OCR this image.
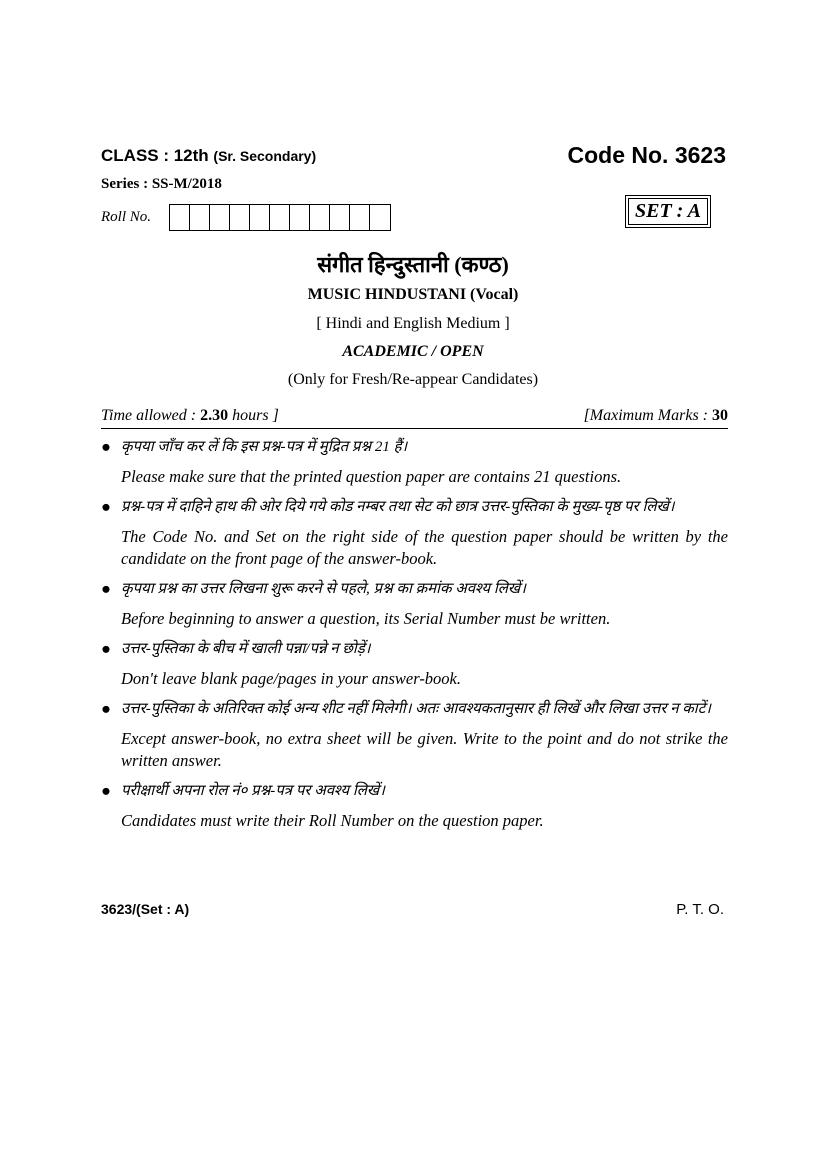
CLASS : 12th (Sr. Secondary)	Code No. 3623
Series : SS-M/2018
Roll No.	SET : A
संगीत हिन्दुस्तानी (कण्ठ)
MUSIC HINDUSTANI (Vocal)
[ Hindi and English Medium ]
ACADEMIC / OPEN
(Only for Fresh/Re-appear Candidates)
Time allowed : 2.30 hours ]	[Maximum Marks : 30
● कृपया जाँच कर लें कि इस प्रश्न-पत्र में मुद्रित प्रश्न 21 हैं।
Please make sure that the printed question paper are contains 21 questions.
● प्रश्न-पत्र में दाहिने हाथ की ओर दिये गये कोड नम्बर तथा सेट को छात्र उत्तर-पुस्तिका के मुख्य-पृष्ठ पर लिखें।
The Code No. and Set on the right side of the question paper should be written by the candidate on the front page of the answer-book.
● कृपया प्रश्न का उत्तर लिखना शुरू करने से पहले, प्रश्न का क्रमांक अवश्य लिखें।
Before beginning to answer a question, its Serial Number must be written.
● उत्तर-पुस्तिका के बीच में खाली पन्ना/पन्ने न छोड़ें।
Don't leave blank page/pages in your answer-book.
● उत्तर-पुस्तिका के अतिरिक्त कोई अन्य शीट नहीं मिलेगी। अतः आवश्यकतानुसार ही लिखें और लिखा उत्तर न काटें।
Except answer-book, no extra sheet will be given. Write to the point and do not strike the written answer.
● परीक्षार्थी अपना रोल नं० प्रश्न-पत्र पर अवश्य लिखें।
Candidates must write their Roll Number on the question paper.
3623/(Set : A)	P. T. O.
